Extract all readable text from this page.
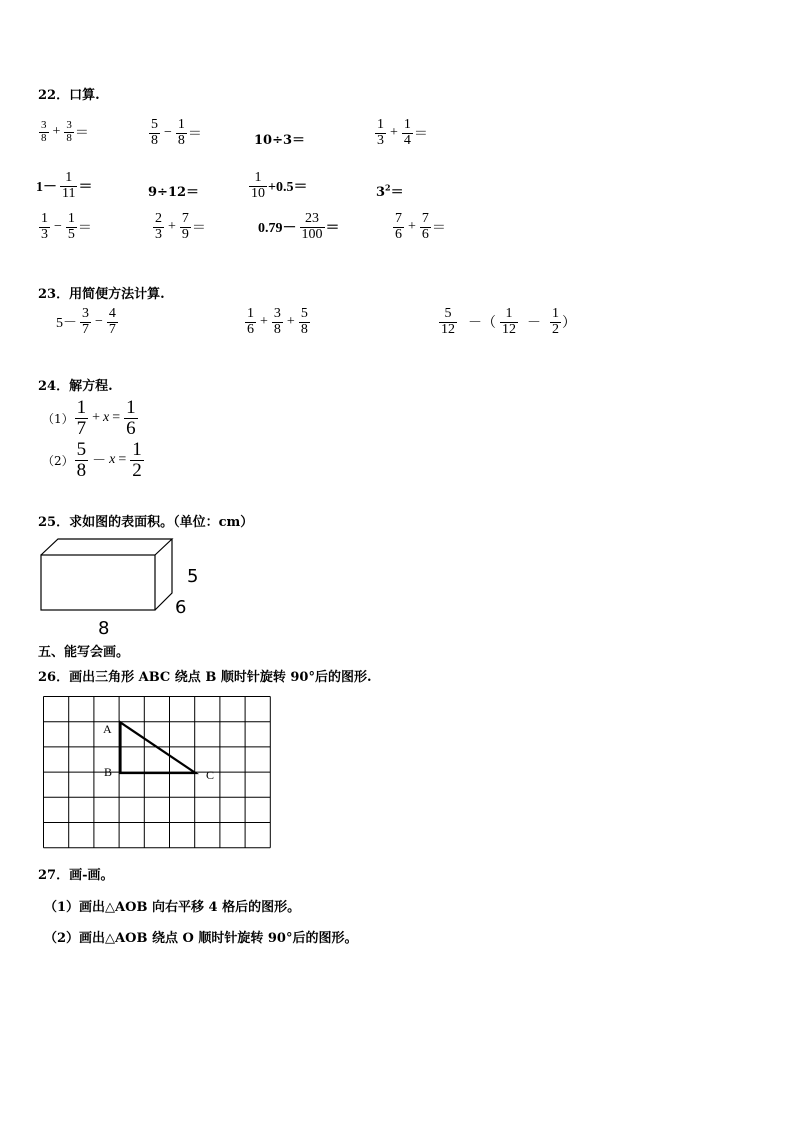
22．口算.
$\frac{3}{8} + \frac{3}{8}$ ＝	$\frac{5}{8} - \frac{1}{8}$ ＝	10÷3＝	$\frac{1}{3} + \frac{1}{4}$ ＝
$1- \frac{1}{11}$ ＝	9÷12＝	$\frac{1}{10} +0.5=$	$3^2=$
$\frac{1}{3} - \frac{1}{5}$ ＝	$\frac{2}{3} + \frac{7}{9}$ ＝	$0.79- \frac{23}{100}$ ＝	$\frac{7}{6} + \frac{7}{6}$ ＝
23．用简便方法计算.
$5- \frac{3}{7} - \frac{4}{7}$	$\frac{1}{6} + \frac{3}{8} + \frac{5}{8}$	$\frac{5}{12}$ －（ $\frac{1}{12} - \frac{1}{2}$ ）
24．解方程.
$(1) \frac{1}{7} + x = \frac{1}{6}$
$(2) \frac{5}{8} - x = \frac{1}{2}$
25．求如图的表面积。（单位：cm）
5
6
8
五、能写会画。
26．画出三角形 ABC 绕点 B 顺时针旋转 90°后的图形.
A
B	C
27．画-画。
（1）画出△AOB 向右平移 4 格后的图形。
（2）画出△AOB 绕点 O 顺时针旋转 90°后的图形。
